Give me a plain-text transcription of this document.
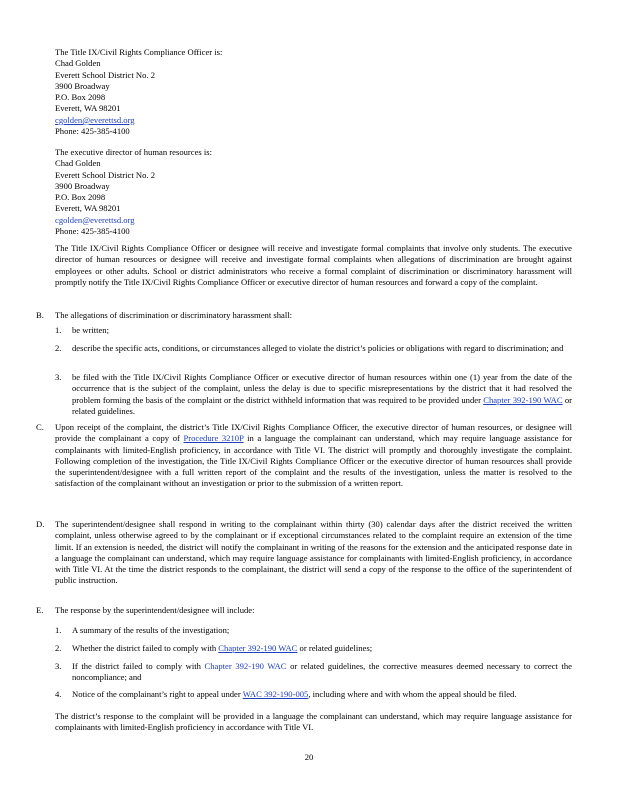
The Title IX/Civil Rights Compliance Officer is:
Chad Golden
Everett School District No. 2
3900 Broadway
P.O. Box 2098
Everett, WA 98201
cgolden@everettsd.org
Phone: 425-385-4100
The executive director of human resources is:
Chad Golden
Everett School District No. 2
3900 Broadway
P.O. Box 2098
Everett, WA 98201
cgolden@everettsd.org
Phone: 425-385-4100
The Title IX/Civil Rights Compliance Officer or designee will receive and investigate formal complaints that involve only students. The executive director of human resources or designee will receive and investigate formal complaints when allegations of discrimination are brought against employees or other adults. School or district administrators who receive a formal complaint of discrimination or discriminatory harassment will promptly notify the Title IX/Civil Rights Compliance Officer or executive director of human resources and forward a copy of the complaint.
B. The allegations of discrimination or discriminatory harassment shall:
1. be written;
2. describe the specific acts, conditions, or circumstances alleged to violate the district’s policies or obligations with regard to discrimination; and
3. be filed with the Title IX/Civil Rights Compliance Officer or executive director of human resources within one (1) year from the date of the occurrence that is the subject of the complaint, unless the delay is due to specific misrepresentations by the district that it had resolved the problem forming the basis of the complaint or the district withheld information that was required to be provided under Chapter 392-190 WAC or related guidelines.
C. Upon receipt of the complaint, the district’s Title IX/Civil Rights Compliance Officer, the executive director of human resources, or designee will provide the complainant a copy of Procedure 3210P in a language the complainant can understand, which may require language assistance for complainants with limited-English proficiency, in accordance with Title VI. The district will promptly and thoroughly investigate the complaint. Following completion of the investigation, the Title IX/Civil Rights Compliance Officer or the executive director of human resources shall provide the superintendent/designee with a full written report of the complaint and the results of the investigation, unless the matter is resolved to the satisfaction of the complainant without an investigation or prior to the submission of a written report.
D. The superintendent/designee shall respond in writing to the complainant within thirty (30) calendar days after the district received the written complaint, unless otherwise agreed to by the complainant or if exceptional circumstances related to the complaint require an extension of the time limit. If an extension is needed, the district will notify the complainant in writing of the reasons for the extension and the anticipated response date in a language the complainant can understand, which may require language assistance for complainants with limited-English proficiency, in accordance with Title VI. At the time the district responds to the complainant, the district will send a copy of the response to the office of the superintendent of public instruction.
E. The response by the superintendent/designee will include:
1. A summary of the results of the investigation;
2. Whether the district failed to comply with Chapter 392-190 WAC or related guidelines;
3. If the district failed to comply with Chapter 392-190 WAC or related guidelines, the corrective measures deemed necessary to correct the noncompliance; and
4. Notice of the complainant’s right to appeal under WAC 392-190-005, including where and with whom the appeal should be filed.
The district’s response to the complaint will be provided in a language the complainant can understand, which may require language assistance for complainants with limited-English proficiency in accordance with Title VI.
20
